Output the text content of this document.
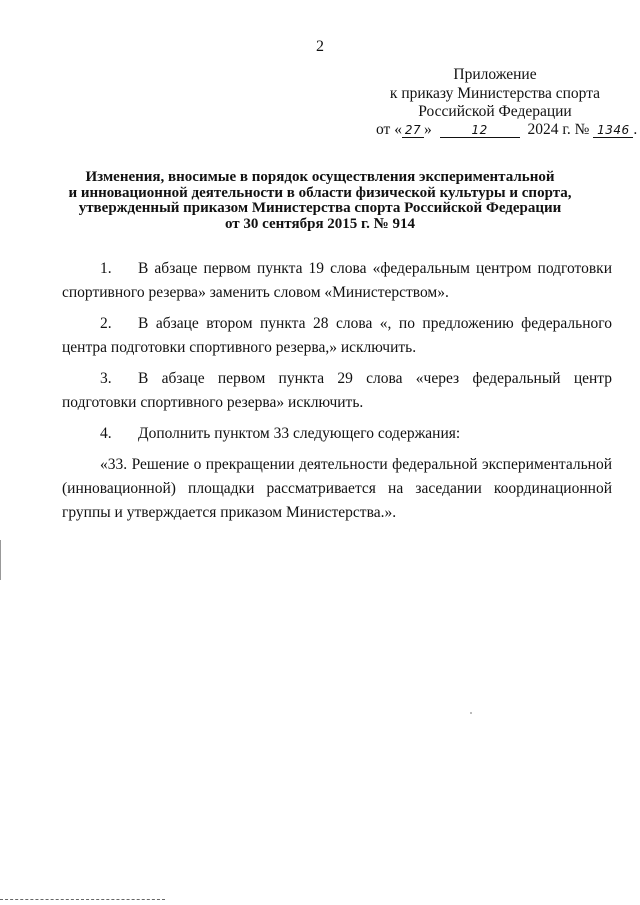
2
Приложение
к приказу Министерства спорта
Российской Федерации
от « 27 »	12	2024 г. № 1346 .
Изменения, вносимые в порядок осуществления экспериментальной
и инновационной деятельности в области физической культуры и спорта,
утвержденный приказом Министерства спорта Российской Федерации
от 30 сентября 2015 г. № 914

1. В абзаце первом пункта 19 слова «федеральным центром подготовки спортивного резерва» заменить словом «Министерством».

2. В абзаце втором пункта 28 слова «, по предложению федерального центра подготовки спортивного резерва,» исключить.

3. В абзаце первом пункта 29 слова «через федеральный центр подготовки спортивного резерва» исключить.

4. Дополнить пунктом 33 следующего содержания:

«33. Решение о прекращении деятельности федеральной экспериментальной (инновационной) площадки рассматривается на заседании координационной группы и утверждается приказом Министерства.».
